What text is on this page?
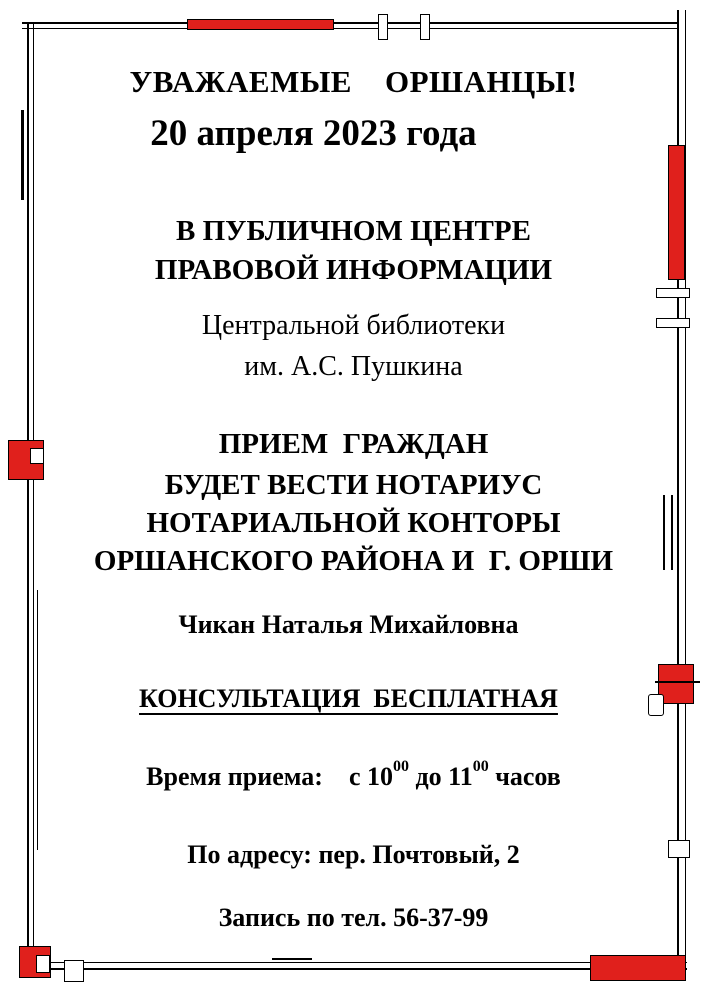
УВАЖАЕМЫЕ    ОРШАНЦЫ!
20 апреля 2023 года
В ПУБЛИЧНОМ ЦЕНТРЕ
ПРАВОВОЙ ИНФОРМАЦИИ
Центральной библиотеки
им. А.С. Пушкина
ПРИЕМ  ГРАЖДАН
БУДЕТ ВЕСТИ НОТАРИУС
НОТАРИАЛЬНОЙ КОНТОРЫ
ОРШАНСКОГО РАЙОНА И  Г. ОРШИ
Чикан Наталья Михайловна
КОНСУЛЬТАЦИЯ  БЕСПЛАТНАЯ
Время приема:    с $10^{00}$ до $11^{00}$ часов
По адресу: пер. Почтовый, 2
Запись по тел. 56-37-99
